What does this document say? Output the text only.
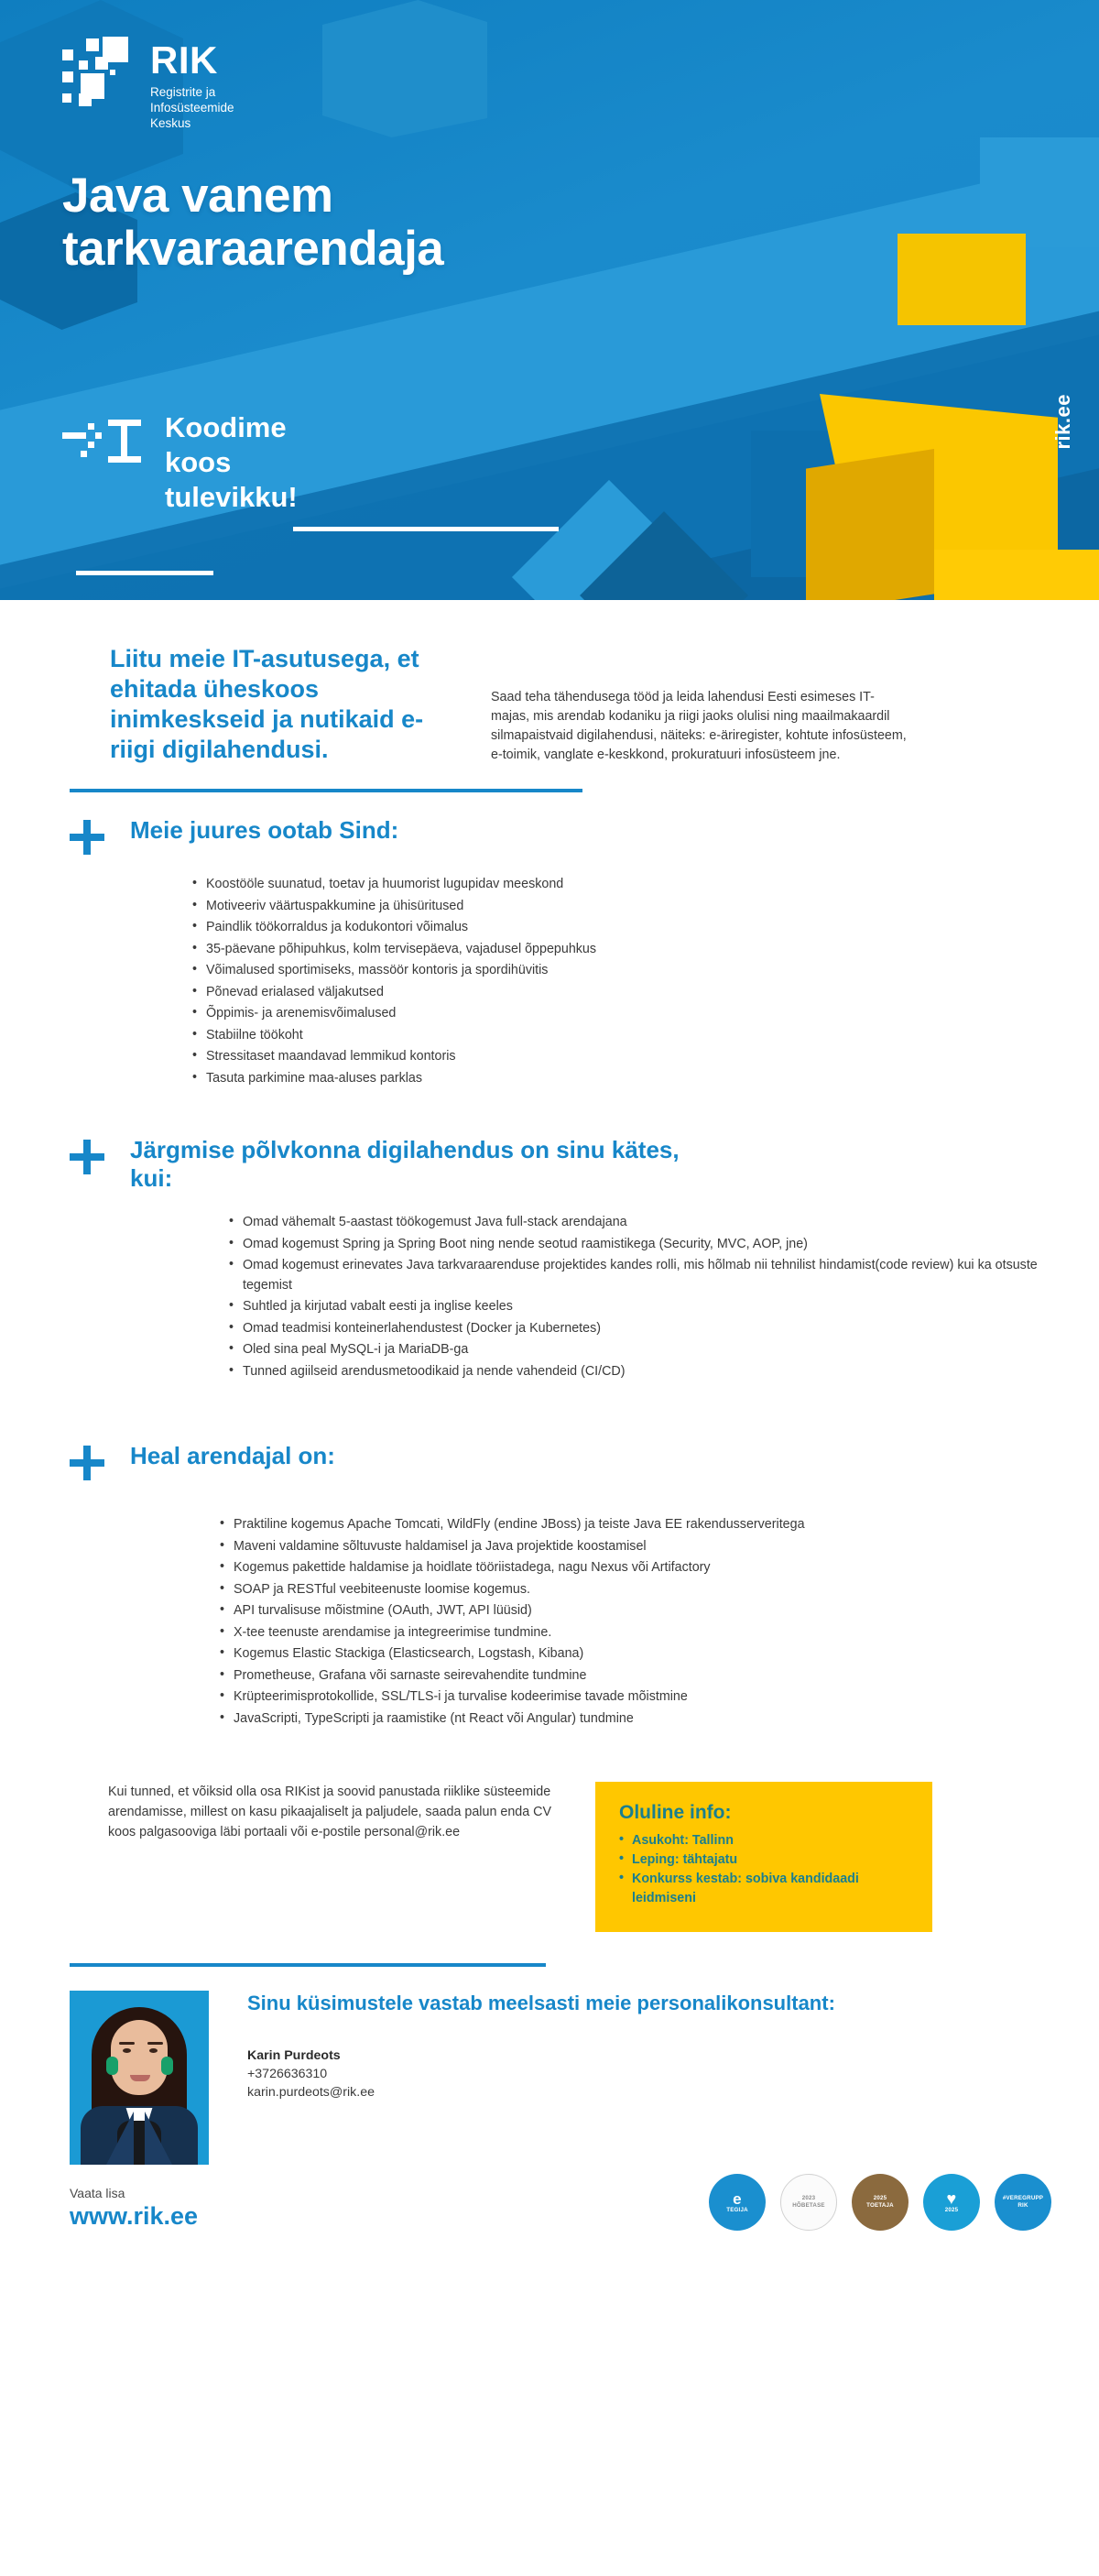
RIK
Registrite ja
Infosüsteemide
Keskus
Java vanem
tarkvaraarendaja
Koodime
koos
tulevikku!
rik.ee
Liitu meie IT-asutusega, et ehitada üheskoos inimkeskseid ja nutikaid e-riigi digilahendusi.
Saad teha tähendusega tööd ja leida lahendusi Eesti esimeses IT-majas, mis arendab kodaniku ja riigi jaoks olulisi ning maailmakaardil silmapaistvaid digilahendusi, näiteks: e-äriregister, kohtute infosüsteem, e-toimik, vanglate e-keskkond, prokuratuuri infosüsteem jne.
Meie juures ootab Sind:
• Koostööle suunatud, toetav ja huumorist lugupidav meeskond
• Motiveeriv väärtuspakkumine ja ühisüritused
• Paindlik töökorraldus ja kodukontori võimalus
• 35-päevane põhipuhkus, kolm tervisepäeva, vajadusel õppepuhkus
• Võimalused sportimiseks, massöör kontoris ja spordihüvitis
• Põnevad erialased väljakutsed
• Õppimis- ja arenemisvõimalused
• Stabiilne töökoht
• Stressitaset maandavad lemmikud kontoris
• Tasuta parkimine maa-aluses parklas
Järgmise põlvkonna digilahendus on sinu kätes, kui:
• Omad vähemalt 5-aastast töökogemust Java full-stack arendajana
• Omad kogemust Spring ja Spring Boot ning nende seotud raamistikega (Security, MVC, AOP, jne)
• Omad kogemust erinevates Java tarkvaraarenduse projektides kandes rolli, mis hõlmab nii tehnilist hindamist(code review) kui ka otsuste tegemist
• Suhtled ja kirjutad vabalt eesti ja inglise keeles
• Omad teadmisi konteinerlahendustest (Docker ja Kubernetes)
• Oled sina peal MySQL-i ja MariaDB-ga
• Tunned agiilseid arendusmetoodikaid ja nende vahendeid (CI/CD)
Heal arendajal on:
• Praktiline kogemus Apache Tomcati, WildFly (endine JBoss) ja teiste Java EE rakendusserveritega
• Maveni valdamine sõltuvuste haldamisel ja Java projektide koostamisel
• Kogemus pakettide haldamise ja hoidlate tööriistadega, nagu Nexus või Artifactory
• SOAP ja RESTful veebiteenuste loomise kogemus.
• API turvalisuse mõistmine (OAuth, JWT, API lüüsid)
• X-tee teenuste arendamise ja integreerimise tundmine.
• Kogemus Elastic Stackiga (Elasticsearch, Logstash, Kibana)
• Prometheuse, Grafana või sarnaste seirevahendite tundmine
• Krüpteerimisprotokollide, SSL/TLS-i ja turvalise kodeerimise tavade mõistmine
• JavaScripti, TypeScripti ja raamistike (nt React või Angular) tundmine
Kui tunned, et võiksid olla osa RIKist ja soovid panustada riiklike süsteemide arendamisse, millest on kasu pikaajaliselt ja paljudele, saada palun enda CV koos palgasooviga läbi portaali või e-postile personal@rik.ee
Oluline info:
• Asukoht: Tallinn
• Leping: tähtajatu
• Konkurss kestab: sobiva kandidaadi leidmiseni
Sinu küsimustele vastab meelsasti meie personalikonsultant:
Karin Purdeots
+3726636310
karin.purdeots@rik.ee
Vaata lisa
www.rik.ee
e
TEGIJA
2023
HÕBETASE
2025
TOETAJA	♥
2025
#VEREGRUPP
RIK
